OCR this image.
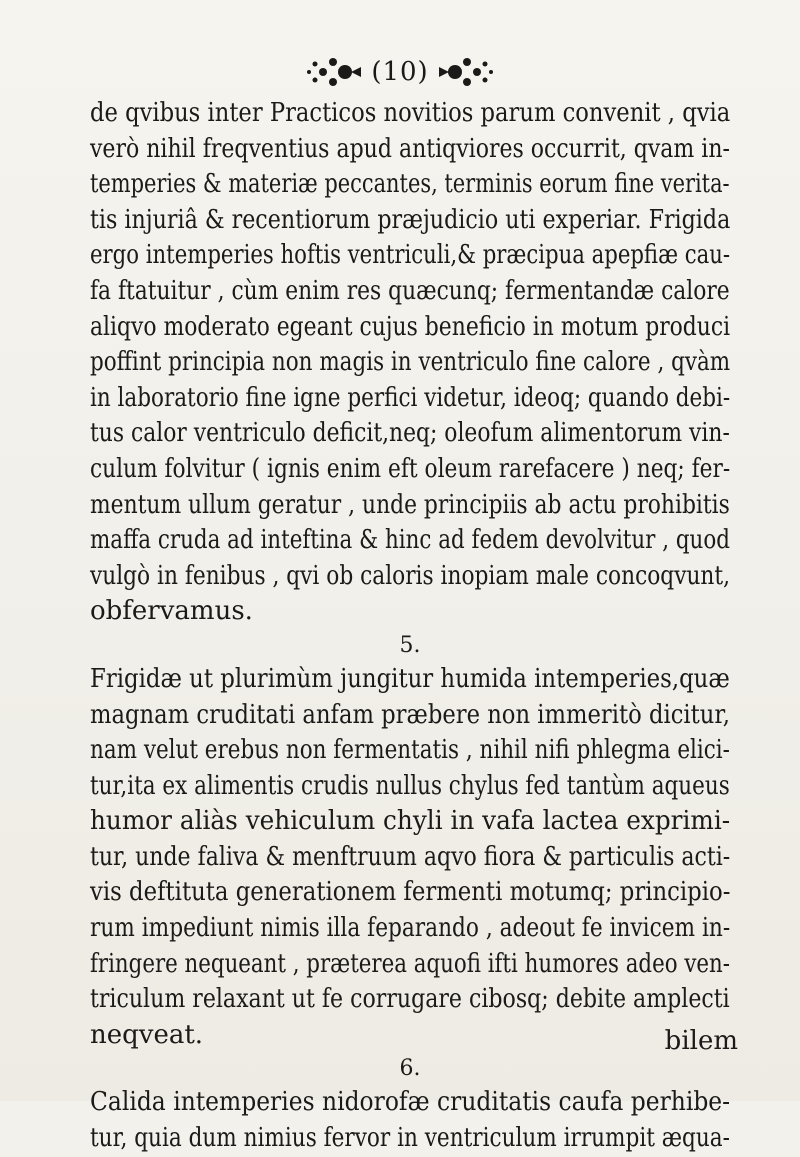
(10)
de qvibus inter Practicos novitios parum convenit , qvia
verò nihil freqventius apud antiqviores occurrit, qvam in-
temperies & materiæ peccantes, terminis eorum fine verita-
tis injuriâ & recentiorum præjudicio uti experiar. Frigida
ergo intemperies hoftis ventriculi,& præcipua apepfiæ cau-
fa ftatuitur , cùm enim res quæcunq; fermentandæ calore
aliqvo moderato egeant cujus beneficio in motum produci
poffint principia non magis in ventriculo fine calore , qvàm
in laboratorio fine igne perfici videtur, ideoq; quando debi-
tus calor ventriculo deficit,neq; oleofum alimentorum vin-
culum folvitur ( ignis enim eft oleum rarefacere ) neq; fer-
mentum ullum geratur , unde principiis ab actu prohibitis
maffa cruda ad inteftina & hinc ad fedem devolvitur , quod
vulgò in fenibus , qvi ob caloris inopiam male concoqvunt,
obfervamus.
5.
Frigidæ ut plurimùm jungitur humida intemperies,quæ
magnam cruditati anfam præbere non immeritò dicitur,
nam velut erebus non fermentatis , nihil nifi phlegma elici-
tur,ita ex alimentis crudis nullus chylus fed tantùm aqueus
humor aliàs vehiculum chyli in vafa lactea exprimi-
tur, unde faliva & menftruum aqvo fiora & particulis acti-
vis deftituta generationem fermenti motumq; principio-
rum impediunt nimis illa feparando , adeout fe invicem in-
fringere nequeant , præterea aquofi ifti humores adeo ven-
triculum relaxant ut fe corrugare cibosq; debite amplecti
neqveat.
6.
Calida intemperies nidorofæ cruditatis caufa perhibe-
tur, quia dum nimius fervor in ventriculum irrumpit æqua-
bilem
